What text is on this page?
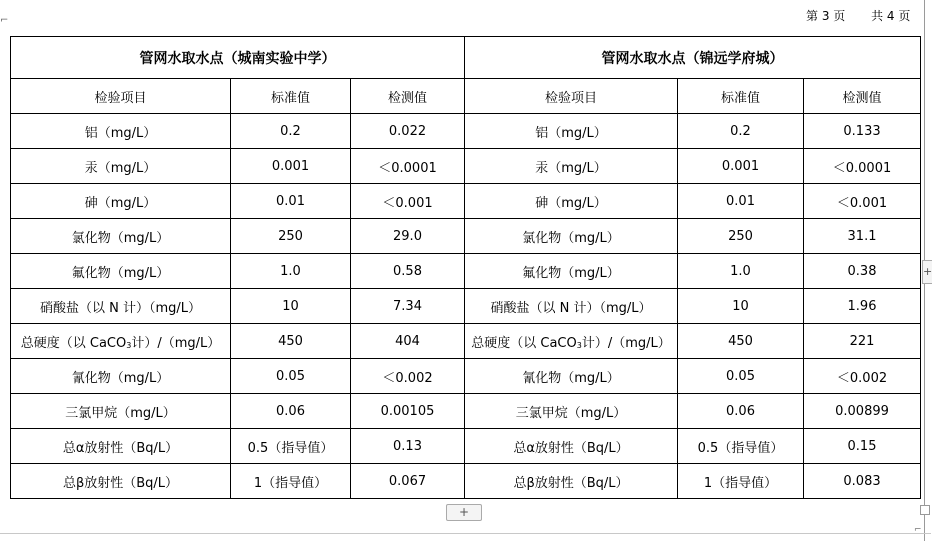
⌐	第 3 页 共 4 页
管网水取水点（城南实验中学）			管网水取水点（锦远学府城）		
检验项目	标准值	检测值	检验项目	标准值	检测值
铝（mg/L）	0.2	0.022	铝（mg/L）	0.2	0.133
汞（mg/L）	0.001	＜0.0001	汞（mg/L）	0.001	＜0.0001
砷（mg/L）	0.01	＜0.001	砷（mg/L）	0.01	＜0.001
氯化物（mg/L）	250	29.0	氯化物（mg/L）	250	31.1
氟化物（mg/L）	1.0	0.58	氟化物（mg/L）	1.0	0.38
硝酸盐（以 N 计）（mg/L）	10	7.34	硝酸盐（以 N 计）（mg/L）	10	1.96
总硬度（以 CaCO3计）/（mg/L）	450	404	总硬度（以 CaCO3计）/（mg/L）	450	221
氰化物（mg/L）	0.05	＜0.002	氰化物（mg/L）	0.05	＜0.002
三氯甲烷（mg/L）	0.06	0.00105	三氯甲烷（mg/L）	0.06	0.00899
总α放射性（Bq/L）	0.5（指导值）	0.13	总α放射性（Bq/L）	0.5（指导值）	0.15
总β放射性（Bq/L）	1（指导值）	0.067	总β放射性（Bq/L）	1（指导值）	0.083
+
+
⌐
